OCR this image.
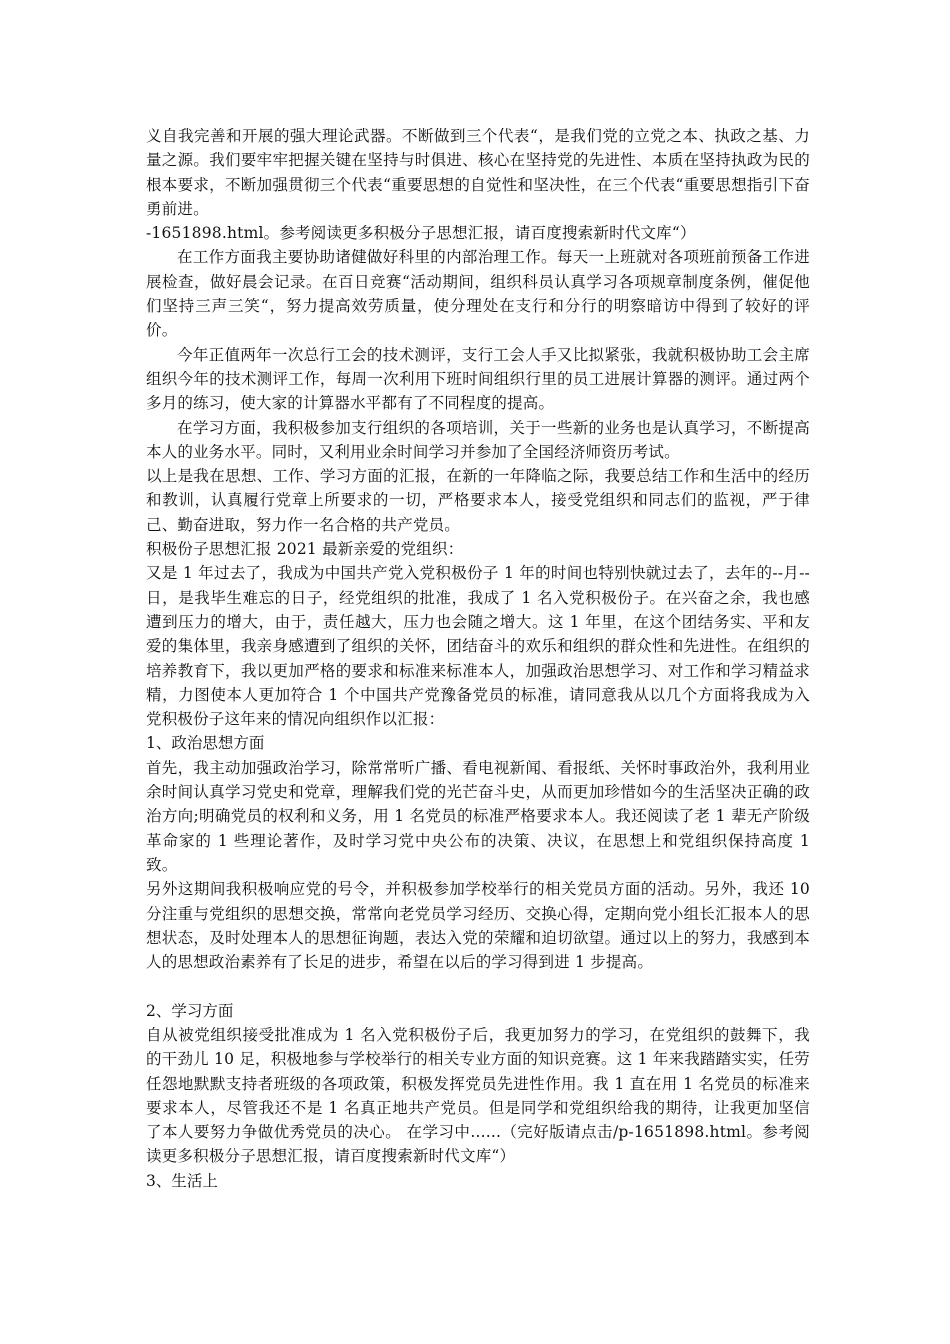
义自我完善和开展的强大理论武器。不断做到三个代表“，是我们党的立党之本、执政之基、力量之源。我们要牢牢把握关键在坚持与时俱进、核心在坚持党的先进性、本质在坚持执政为民的根本要求，不断加强贯彻三个代表“重要思想的自觉性和坚决性，在三个代表“重要思想指引下奋勇前进。

-1651898.html。参考阅读更多积极分子思想汇报，请百度搜索新时代文库“）

在工作方面我主要协助诸健做好科里的内部治理工作。每天一上班就对各项班前预备工作进展检查，做好晨会记录。在百日竞赛“活动期间，组织科员认真学习各项规章制度条例，催促他们坚持三声三笑“，努力提高效劳质量，使分理处在支行和分行的明察暗访中得到了较好的评价。

今年正值两年一次总行工会的技术测评，支行工会人手又比拟紧张，我就积极协助工会主席组织今年的技术测评工作，每周一次利用下班时间组织行里的员工进展计算器的测评。通过两个多月的练习，使大家的计算器水平都有了不同程度的提高。

在学习方面，我积极参加支行组织的各项培训，关于一些新的业务也是认真学习，不断提高本人的业务水平。同时，又利用业余时间学习并参加了全国经济师资历考试。

以上是我在思想、工作、学习方面的汇报，在新的一年降临之际，我要总结工作和生活中的经历和教训，认真履行党章上所要求的一切，严格要求本人，接受党组织和同志们的监视，严于律己、勤奋进取，努力作一名合格的共产党员。

积极份子思想汇报 2021 最新亲爱的党组织：

又是 1 年过去了，我成为中国共产党入党积极份子 1 年的时间也特别快就过去了，去年的--月--日，是我毕生难忘的日子，经党组织的批准，我成了 1 名入党积极份子。在兴奋之余，我也感遭到压力的增大，由于，责任越大，压力也会随之增大。这 1 年里，在这个团结务实、平和友爱的集体里，我亲身感遭到了组织的关怀，团结奋斗的欢乐和组织的群众性和先进性。在组织的培养教育下，我以更加严格的要求和标准来标准本人，加强政治思想学习、对工作和学习精益求精，力图使本人更加符合 1 个中国共产党豫备党员的标准，请同意我从以几个方面将我成为入党积极份子这年来的情况向组织作以汇报：

1、政治思想方面

首先，我主动加强政治学习，除常常听广播、看电视新闻、看报纸、关怀时事政治外，我利用业余时间认真学习党史和党章，理解我们党的光芒奋斗史，从而更加珍惜如今的生活坚决正确的政治方向;明确党员的权利和义务，用 1 名党员的标准严格要求本人。我还阅读了老 1 辈无产阶级革命家的 1 些理论著作，及时学习党中央公布的决策、决议，在思想上和党组织保持高度 1 致。

另外这期间我积极响应党的号令，并积极参加学校举行的相关党员方面的活动。另外，我还 10 分注重与党组织的思想交换，常常向老党员学习经历、交换心得，定期向党小组长汇报本人的思想状态，及时处理本人的思想征询题，表达入党的荣耀和迫切欲望。通过以上的努力，我感到本人的思想政治素养有了长足的进步，希望在以后的学习得到进 1 步提高。

2、学习方面

自从被党组织接受批准成为 1 名入党积极份子后，我更加努力的学习，在党组织的鼓舞下，我的干劲儿 10 足，积极地参与学校举行的相关专业方面的知识竞赛。这 1 年来我踏踏实实，任劳任怨地默默支持者班级的各项政策，积极发挥党员先进性作用。我 1 直在用 1 名党员的标准来要求本人，尽管我还不是 1 名真正地共产党员。但是同学和党组织给我的期待，让我更加坚信了本人要努力争做优秀党员的决心。 在学习中......（完好版请点击/p-1651898.html。参考阅读更多积极分子思想汇报，请百度搜索新时代文库“）

3、生活上
